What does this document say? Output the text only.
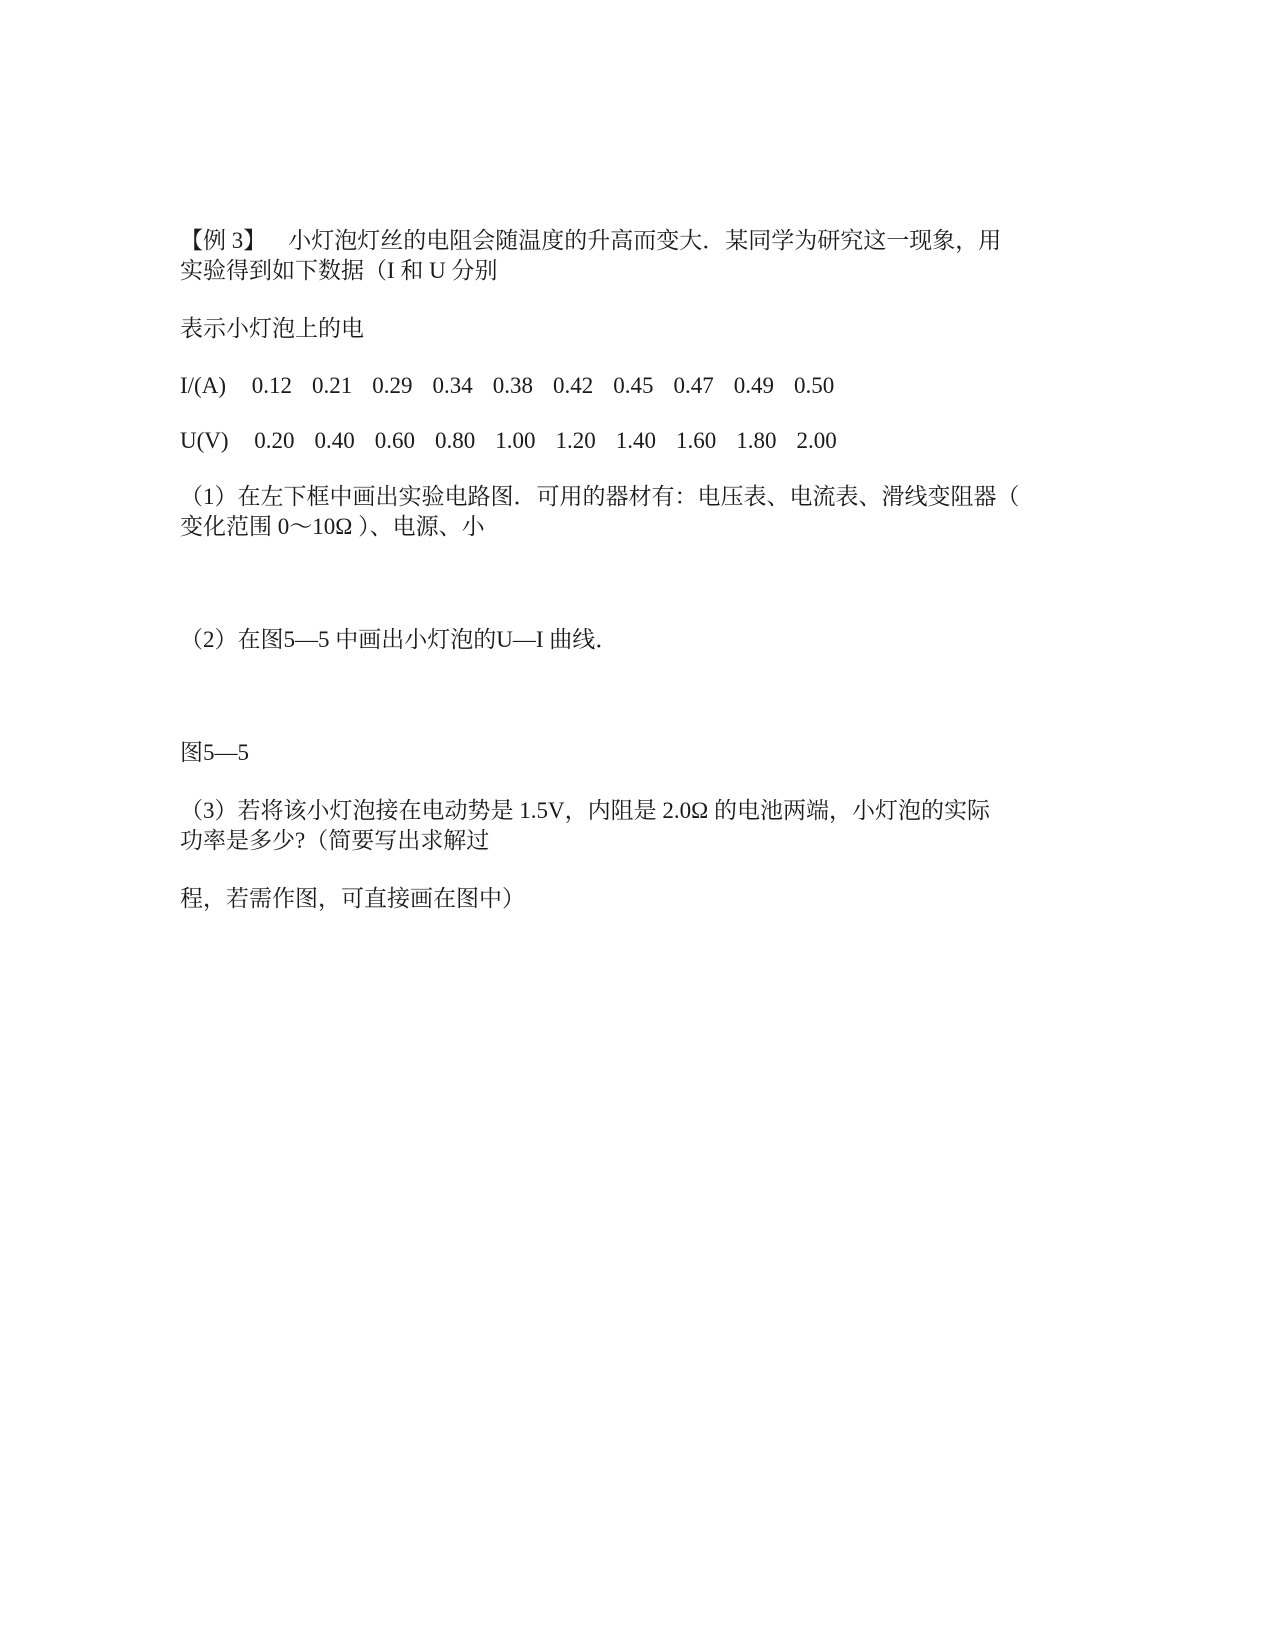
【例 3】 小灯泡灯丝的电阻会随温度的升高而变大．某同学为研究这一现象，用
实验得到如下数据（I 和 U 分别
表示小灯泡上的电
I/(A) 0.12 0.21 0.29 0.34 0.38 0.42 0.45 0.47 0.49 0.50
U(V) 0.20 0.40 0.60 0.80 1.00 1.20 1.40 1.60 1.80 2.00
（1）在左下框中画出实验电路图．可用的器材有：电压表、电流表、滑线变阻器（
变化范围 0～10Ω ）、电源、小
（2）在图5—5 中画出小灯泡的U—I 曲线．
图5—5
（3）若将该小灯泡接在电动势是 1.5V，内阻是 2.0Ω 的电池两端，小灯泡的实际
功率是多少?（简要写出求解过
程，若需作图，可直接画在图中）
